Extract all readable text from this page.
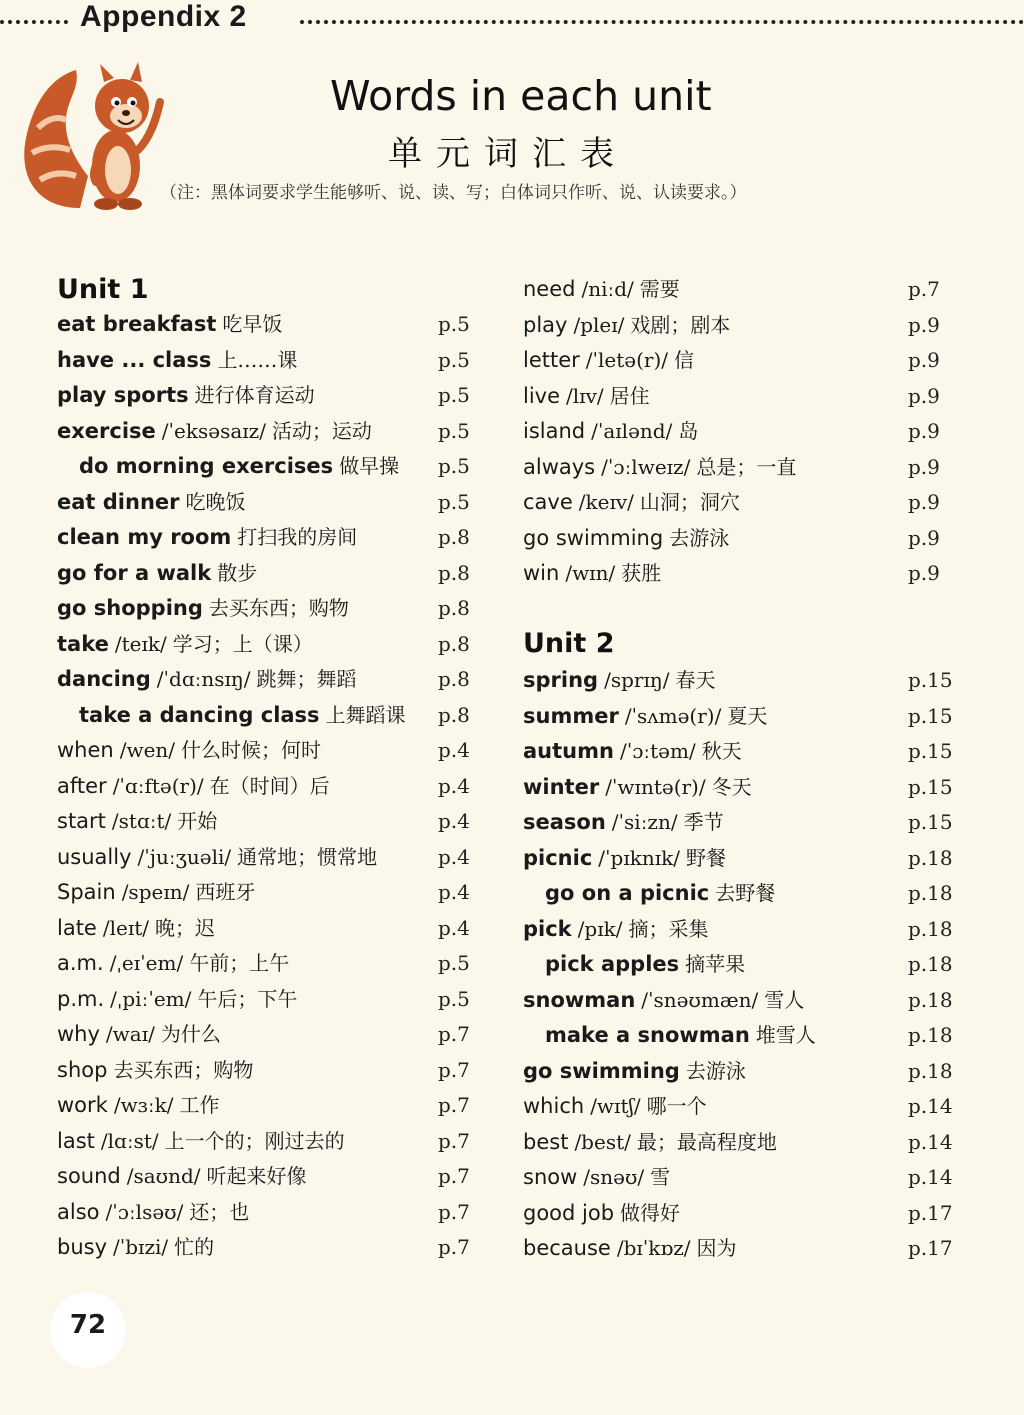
Appendix 2
Words in each unit
单元词汇表
（注：黑体词要求学生能够听、说、读、写；白体词只作听、说、认读要求。）
Unit 1
Unit 2
eat breakfast 吃早饭	p.5
have ... class 上……课	p.5
play sports 进行体育运动	p.5
exercise /ˈeksəsaɪz/ 活动；运动	p.5
do morning exercises 做早操 p.5
eat dinner 吃晚饭	p.5
clean my room 打扫我的房间	p.8
go for a walk 散步	p.8
go shopping 去买东西；购物	p.8
take /teɪk/ 学习；上（课）	p.8
dancing /ˈdɑːnsɪŋ/ 跳舞；舞蹈	p.8
take a dancing class 上舞蹈课 p.8
when /wen/ 什么时候；何时	p.4
after /ˈɑːftə(r)/ 在（时间）后	p.4
start /stɑːt/ 开始	p.4
usually /ˈjuːʒuəli/ 通常地；惯常地	p.4
Spain /speɪn/ 西班牙	p.4
late /leɪt/ 晚；迟	p.4
a.m. /ˌeɪˈem/ 午前；上午	p.5
p.m. /ˌpiːˈem/ 午后；下午	p.5
why /waɪ/ 为什么	p.7
shop 去买东西；购物	p.7
work /wɜːk/ 工作	p.7
last /lɑːst/ 上一个的；刚过去的	p.7
sound /saʊnd/ 听起来好像	p.7
also /ˈɔːlsəʊ/ 还；也	p.7
busy /ˈbɪzi/ 忙的	p.7
need /niːd/ 需要	p.7
play /pleɪ/ 戏剧；剧本	p.9
letter /ˈletə(r)/ 信	p.9
live /lɪv/ 居住	p.9
island /ˈaɪlənd/ 岛	p.9
always /ˈɔːlweɪz/ 总是；一直	p.9
cave /keɪv/ 山洞；洞穴	p.9
go swimming 去游泳	p.9
win /wɪn/ 获胜	p.9
spring /sprɪŋ/ 春天	p.15
summer /ˈsʌmə(r)/ 夏天	p.15
autumn /ˈɔːtəm/ 秋天	p.15
winter /ˈwɪntə(r)/ 冬天	p.15
season /ˈsiːzn/ 季节	p.15
picnic /ˈpɪknɪk/ 野餐	p.18
go on a picnic 去野餐	p.18
pick /pɪk/ 摘；采集	p.18
pick apples 摘苹果	p.18
snowman /ˈsnəʊmæn/ 雪人	p.18
make a snowman 堆雪人	p.18
go swimming 去游泳	p.18
which /wɪtʃ/ 哪一个	p.14
best /best/ 最；最高程度地	p.14
snow /snəʊ/ 雪	p.14
good job 做得好	p.17
because /bɪˈkɒz/ 因为	p.17
72
